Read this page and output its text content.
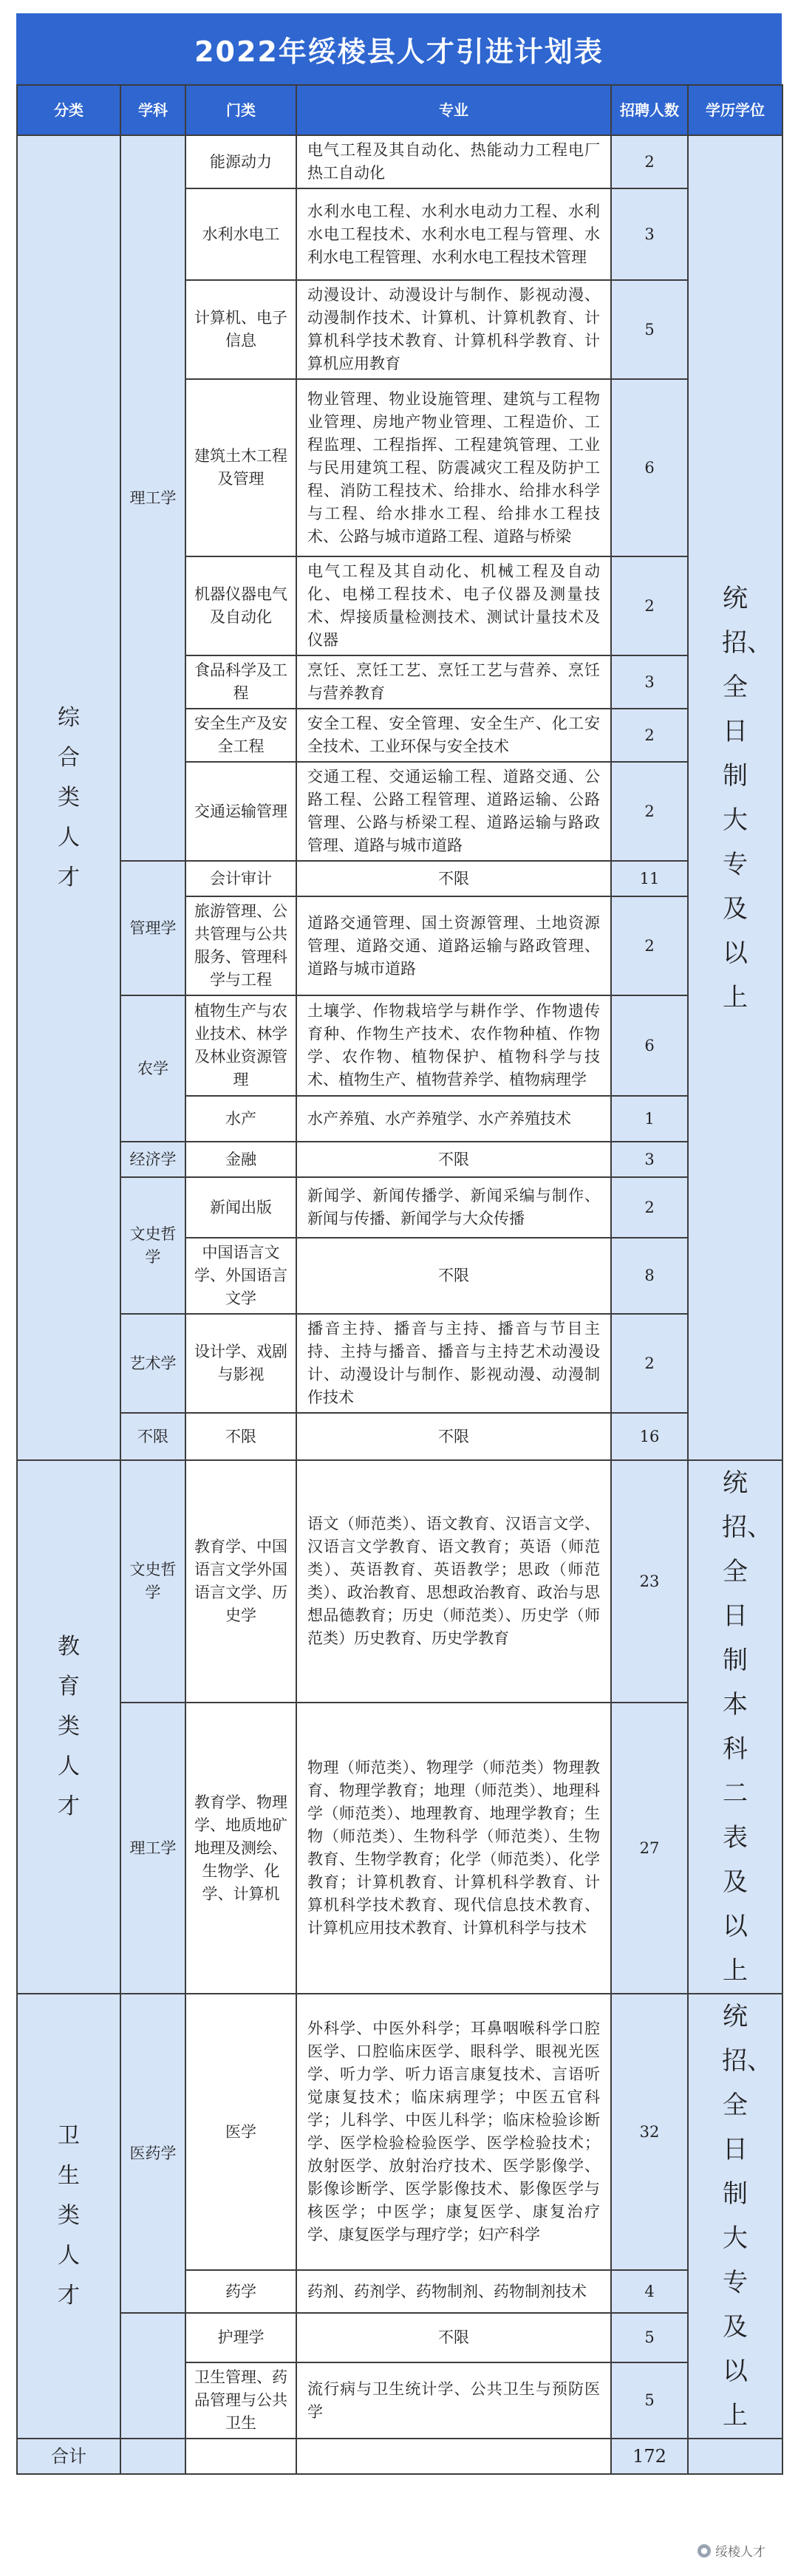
2022年绥棱县人才引进计划表
分类	学科	门类	专业	招聘人数	学历学位
综合类人才	理工学	能源动力	电气工程及其自动化、热能动力工程电厂热工自动化	2	统招、全日制大专及以上
		水利水电工	水利水电工程、水利水电动力工程、水利水电工程技术、水利水电工程与管理、水利水电工程管理、水利水电工程技术管理	3	
		计算机、电子信息	动漫设计、动漫设计与制作、影视动漫、动漫制作技术、计算机、计算机教育、计算机科学技术教育、计算机科学教育、计算机应用教育	5	
		建筑土木工程及管理	物业管理、物业设施管理、建筑与工程物业管理、房地产物业管理、工程造价、工程监理、工程指挥、工程建筑管理、工业与民用建筑工程、防震减灾工程及防护工程、消防工程技术、给排水、给排水科学与工程、给水排水工程、给排水工程技术、公路与城市道路工程、道路与桥梁	6	
		机器仪器电气及自动化	电气工程及其自动化、机械工程及自动化、电梯工程技术、电子仪器及测量技术、焊接质量检测技术、测试计量技术及仪器	2	
		食品科学及工程	烹饪、烹饪工艺、烹饪工艺与营养、烹饪与营养教育	3	
		安全生产及安全工程	安全工程、安全管理、安全生产、化工安全技术、工业环保与安全技术	2	
		交通运输管理	交通工程、交通运输工程、道路交通、公路工程、公路工程管理、道路运输、公路管理、公路与桥梁工程、道路运输与路政管理、道路与城市道路	2	
	管理学	会计审计	不限	11	
		旅游管理、公共管理与公共服务、管理科学与工程	道路交通管理、国土资源管理、土地资源管理、道路交通、道路运输与路政管理、道路与城市道路	2	
	农学	植物生产与农业技术、林学及林业资源管理	土壤学、作物栽培学与耕作学、作物遗传育种、作物生产技术、农作物种植、作物学、农作物、植物保护、植物科学与技术、植物生产、植物营养学、植物病理学	6	
		水产	水产养殖、水产养殖学、水产养殖技术	1	
	经济学	金融	不限	3	
	文史哲学	新闻出版	新闻学、新闻传播学、新闻采编与制作、新闻与传播、新闻学与大众传播	2	
		中国语言文学、外国语言文学	不限	8	
	艺术学	设计学、戏剧与影视	播音主持、播音与主持、播音与节目主持、主持与播音、播音与主持艺术动漫设计、动漫设计与制作、影视动漫、动漫制作技术	2	
	不限	不限	不限	16	
教育类人才	文史哲学	教育学、中国语言文学外国语言文学、历史学	语文（师范类）、语文教育、汉语言文学、汉语言文学教育、语文教育；英语（师范类）、英语教育、英语教学；思政（师范类）、政治教育、思想政治教育、政治与思想品德教育；历史（师范类）、历史学（师范类）历史教育、历史学教育	23	统招、全日制本科二表及以上
	理工学	教育学、物理学、地质地矿地理及测绘、生物学、化学、计算机	物理（师范类）、物理学（师范类）物理教育、物理学教育；地理（师范类）、地理科学（师范类）、地理教育、地理学教育；生物（师范类）、生物科学（师范类）、生物教育、生物学教育；化学（师范类）、化学教育；计算机教育、计算机科学教育、计算机科学技术教育、现代信息技术教育、计算机应用技术教育、计算机科学与技术	27	
卫生类人才	医药学	医学	外科学、中医外科学；耳鼻咽喉科学口腔医学、口腔临床医学、眼科学、眼视光医学、听力学、听力语言康复技术、言语听觉康复技术；临床病理学；中医五官科学；儿科学、中医儿科学；临床检验诊断学、医学检验检验医学、医学检验技术；放射医学、放射治疗技术、医学影像学、影像诊断学、医学影像技术、影像医学与核医学；中医学；康复医学、康复治疗学、康复医学与理疗学；妇产科学	32	统招、全日制大专及以上
		药学	药剂、药剂学、药物制剂、药物制剂技术	4	
		护理学	不限	5	
		卫生管理、药品管理与公共卫生	流行病与卫生统计学、公共卫生与预防医学	5	
合计				172	
● 绥棱人才
